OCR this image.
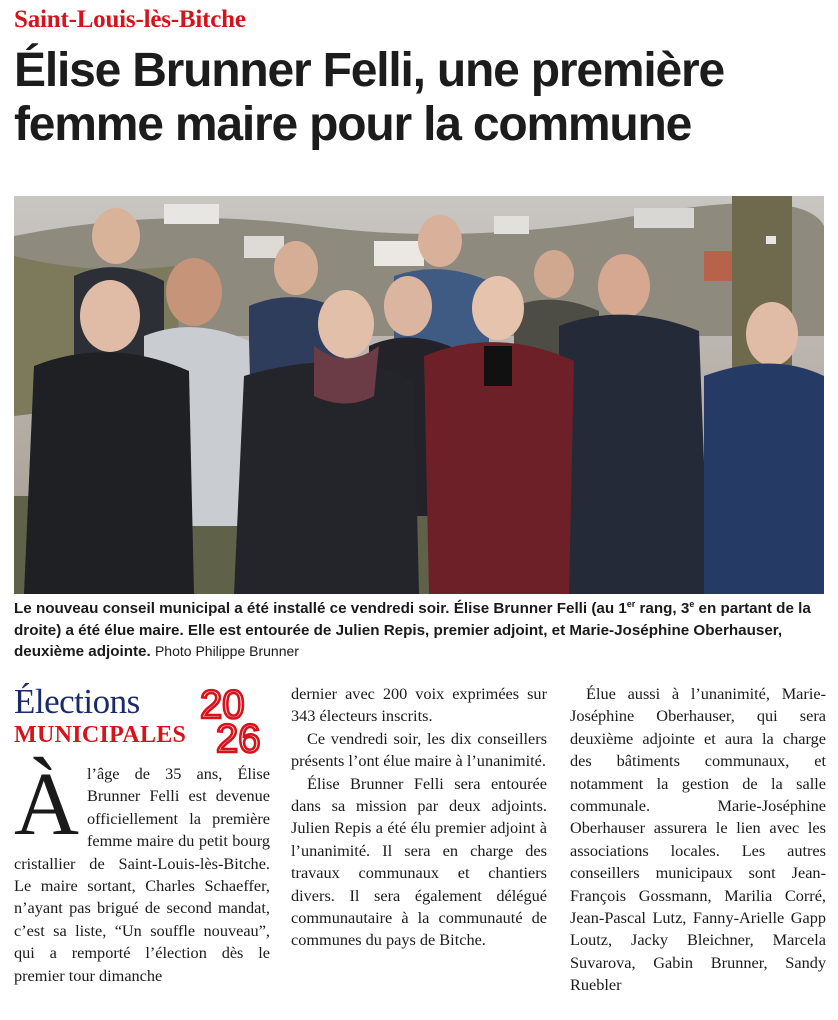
Saint-Louis-lès-Bitche
Élise Brunner Felli, une première femme maire pour la commune
Le nouveau conseil municipal a été installé ce vendredi soir. Élise Brunner Felli (au 1er rang, 3e en partant de la droite) a été élue maire. Elle est entourée de Julien Repis, premier adjoint, et Marie-Joséphine Oberhauser, deuxième adjointe. Photo Philippe Brunner
Élections
MUNICIPALES
20
26

Àl’âge de 35 ans, Élise Brunner Felli est devenue officiellement la première femme maire du petit bourg cristallier de Saint-Louis-lès-Bitche. Le maire sortant, Charles Schaeffer, n’ayant pas brigué de second mandat, c’est sa liste, “Un souffle nouveau”, qui a remporté l’élection dès le premier tour dimanche

dernier avec 200 voix exprimées sur 343 électeurs inscrits.

Ce vendredi soir, les dix conseillers présents l’ont élue maire à l’unanimité.

Élise Brunner Felli sera entourée dans sa mission par deux adjoints. Julien Repis a été élu premier adjoint à l’unanimité. Il sera en charge des travaux communaux et chantiers divers. Il sera également délégué communautaire à la communauté de communes du pays de Bitche.

Élue aussi à l’unanimité, Marie-Joséphine Oberhauser, qui sera deuxième adjointe et aura la charge des bâtiments communaux, et notamment la gestion de la salle communale. Marie-Joséphine Oberhauser assurera le lien avec les associations locales. Les autres conseillers municipaux sont Jean-François Gossmann, Marilia Corré, Jean-Pascal Lutz, Fanny-Arielle Gapp Loutz, Jacky Bleichner, Marcela Suvarova, Gabin Brunner, Sandy Ruebler
